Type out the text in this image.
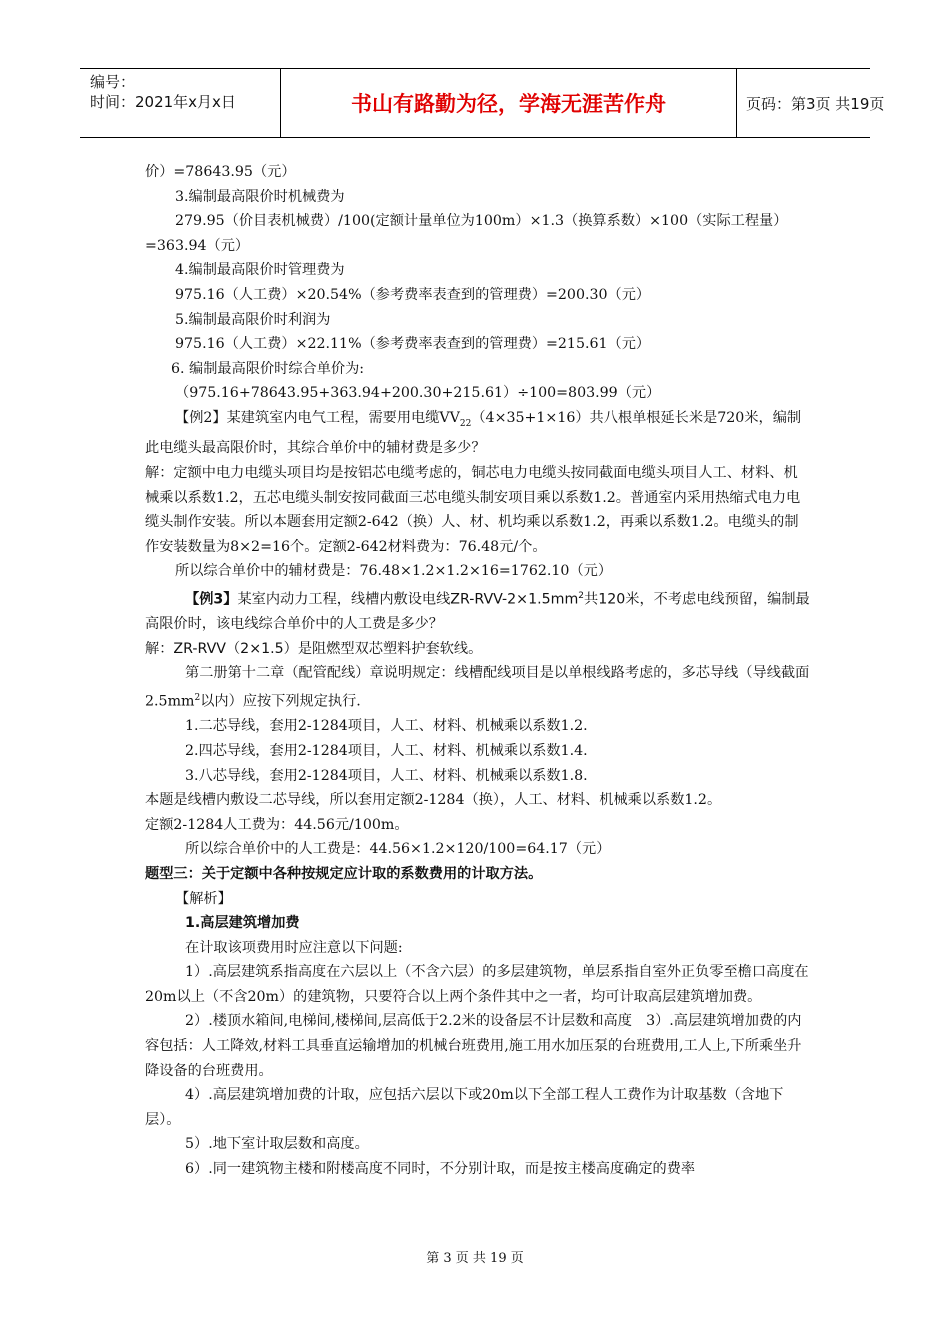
编号：
时间：2021年x月x日	书山有路勤为径，学海无涯苦作舟	页码：第3页 共19页

价）=78643.95（元）

3.编制最高限价时机械费为

279.95（价目表机械费）/100(定额计量单位为100m）×1.3（换算系数）×100（实际工程量）=363.94（元）

4.编制最高限价时管理费为

975.16（人工费）×20.54%（参考费率表查到的管理费）=200.30（元）

5.编制最高限价时利润为

975.16（人工费）×22.11%（参考费率表查到的管理费）=215.61（元）

6. 编制最高限价时综合单价为:

（975.16+78643.95+363.94+200.30+215.61）÷100=803.99（元）

【例2】某建筑室内电气工程，需要用电缆$VV_{22}(4\times 35+1\times 16)$共八根单根延长米是720米，编制此电缆头最高限价时，其综合单价中的辅材费是多少？

解：定额中电力电缆头项目均是按铝芯电缆考虑的，铜芯电力电缆头按同截面电缆头项目人工、材料、机械乘以系数1.2，五芯电缆头制安按同截面三芯电缆头制安项目乘以系数1.2。普通室内采用热缩式电力电缆头制作安装。所以本题套用定额2-642（换）人、材、机均乘以系数1.2，再乘以系数1.2。电缆头的制作安装数量为8×2=16个。定额2-642材料费为：76.48元/个。

所以综合单价中的辅材费是：76.48×1.2×1.2×16=1762.10（元）

【例3】某室内动力工程，线槽内敷设电线$ZR-RVV-2\times 1.5mm^2$共120米，不考虑电线预留，编制最高限价时，该电线综合单价中的人工费是多少？

解：ZR-RVV（2×1.5）是阻燃型双芯塑料护套软线。

第二册第十二章（配管配线）章说明规定：线槽配线项目是以单根线路考虑的，多芯导线（导线截面$2.5mm^2$以内）应按下列规定执行.

1.二芯导线，套用2-1284项目，人工、材料、机械乘以系数1.2.

2.四芯导线，套用2-1284项目，人工、材料、机械乘以系数1.4.

3.八芯导线，套用2-1284项目，人工、材料、机械乘以系数1.8.

本题是线槽内敷设二芯导线，所以套用定额2-1284（换），人工、材料、机械乘以系数1.2。

定额2-1284人工费为：44.56元/100m。

所以综合单价中的人工费是：44.56×1.2×120/100=64.17（元）

题型三：关于定额中各种按规定应计取的系数费用的计取方法。

【解析】

1.高层建筑增加费

在计取该项费用时应注意以下问题:

1）.高层建筑系指高度在六层以上（不含六层）的多层建筑物，单层系指自室外正负零至檐口高度在20m以上（不含20m）的建筑物，只要符合以上两个条件其中之一者，均可计取高层建筑增加费。

2）.楼顶水箱间,电梯间,楼梯间,层高低于2.2米的设备层不计层数和高度　3）.高层建筑增加费的内容包括：人工降效,材料工具垂直运输增加的机械台班费用,施工用水加压泵的台班费用,工人上,下所乘坐升降设备的台班费用。

4）.高层建筑增加费的计取，应包括六层以下或20m以下全部工程人工费作为计取基数（含地下层）。

5）.地下室计取层数和高度。

6）.同一建筑物主楼和附楼高度不同时，不分别计取，而是按主楼高度确定的费率

第 3 页 共 19 页
